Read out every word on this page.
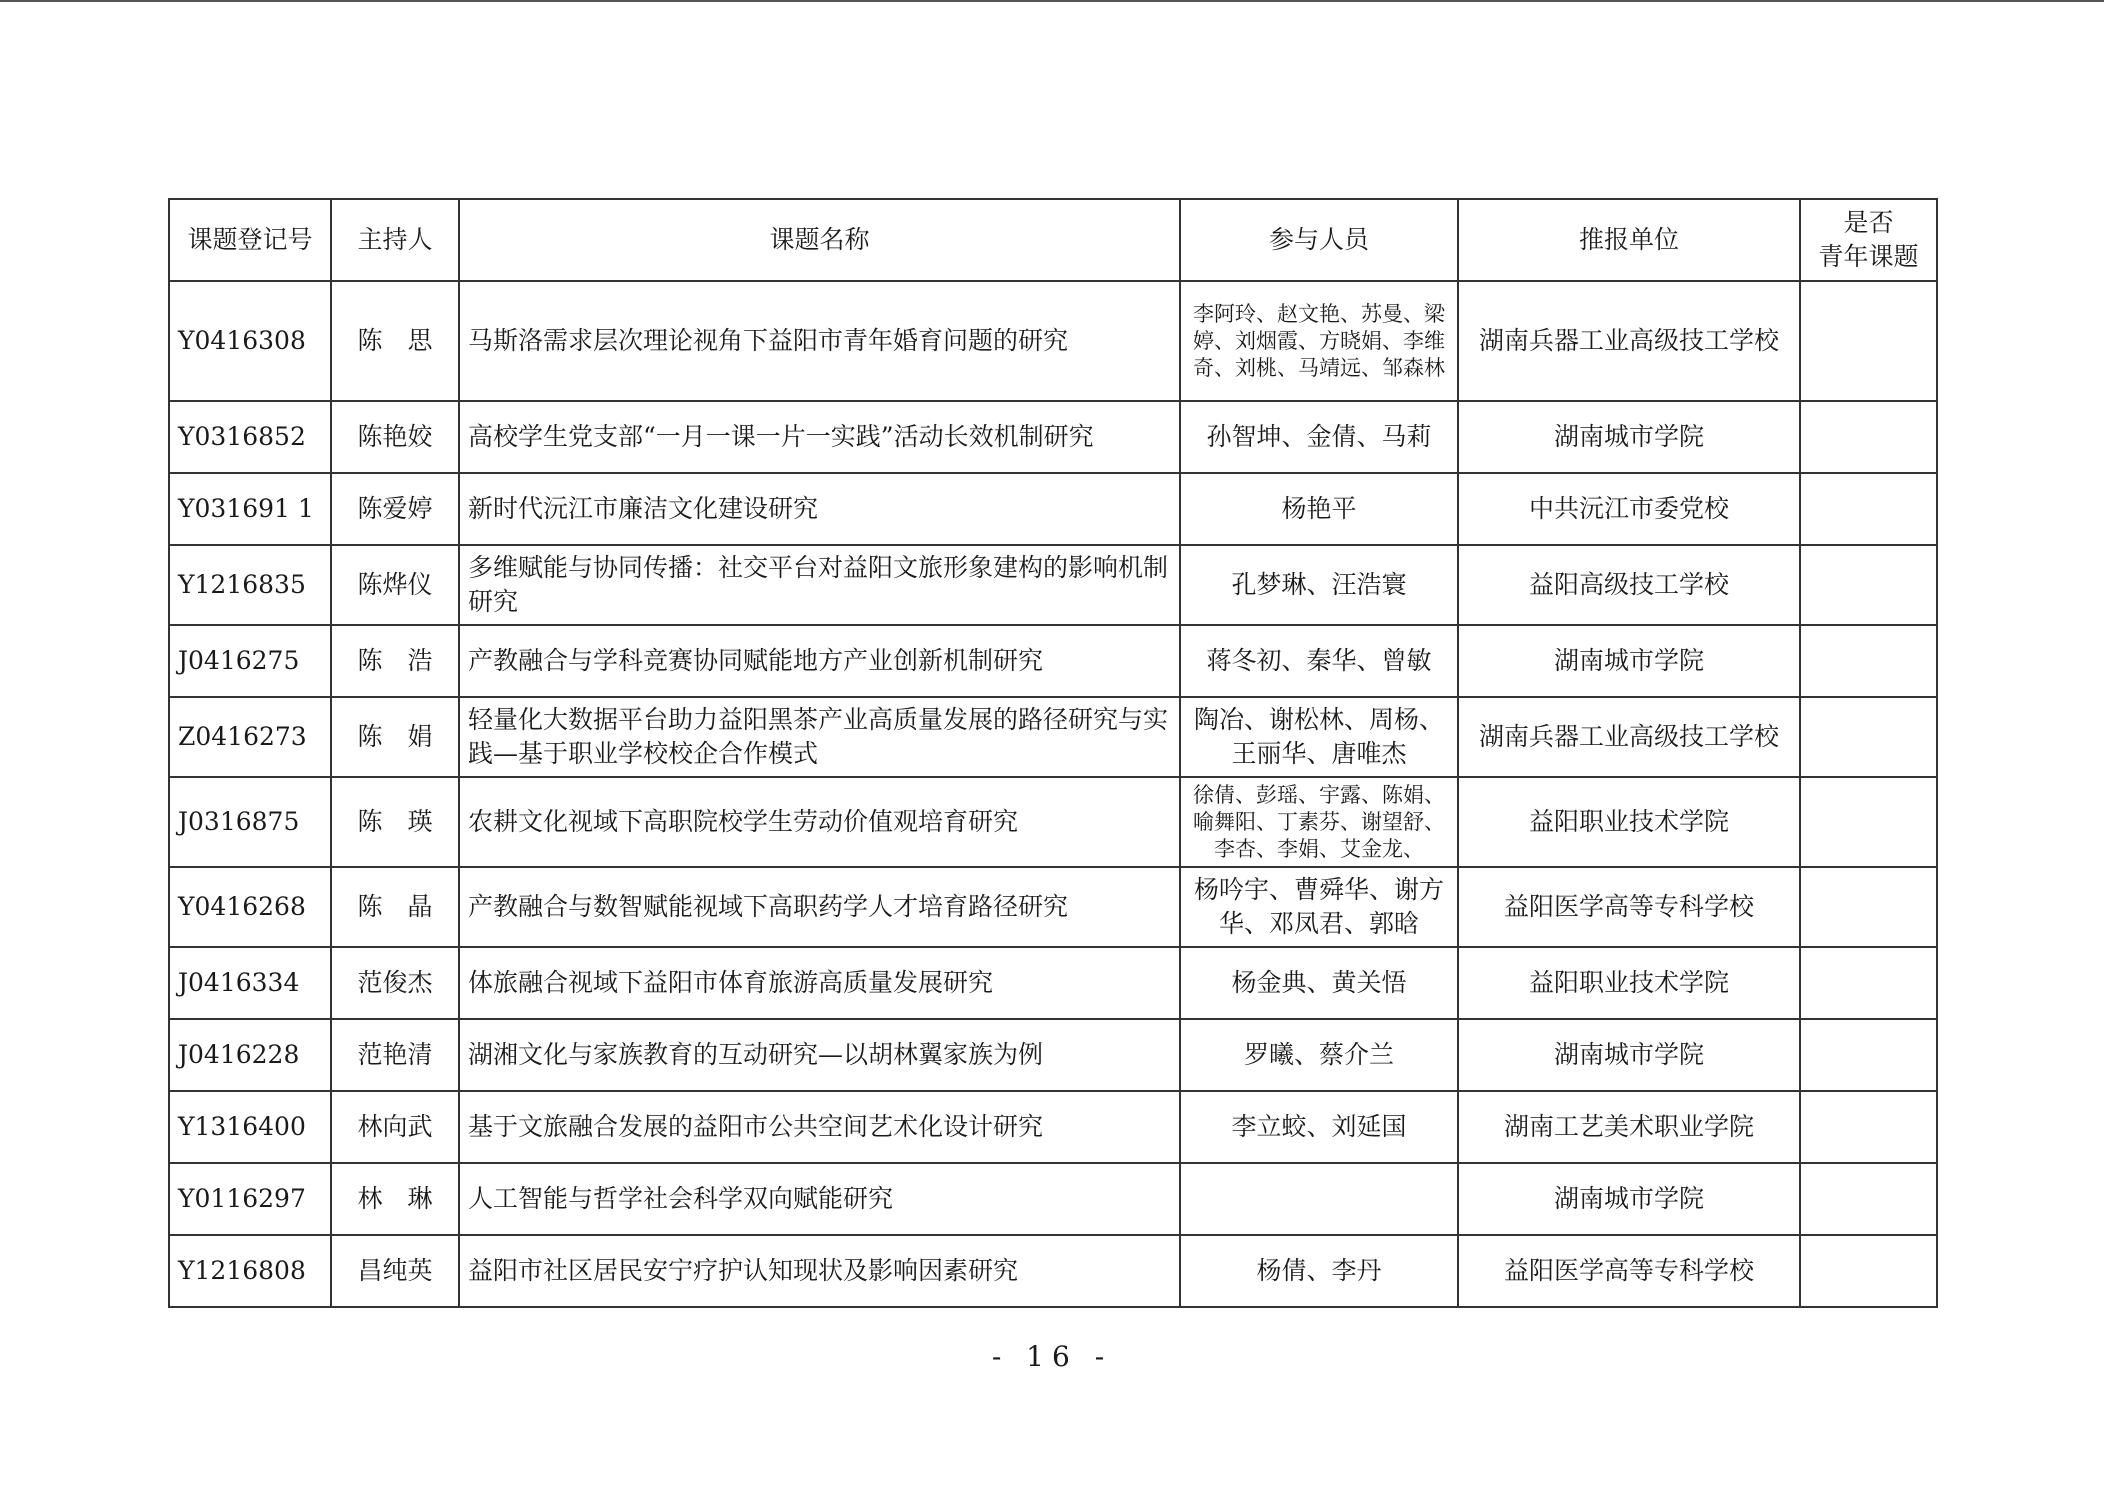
课题登记号	主持人	课题名称	参与人员	推报单位	是否
青年课题
Y0416308	陈　思	马斯洛需求层次理论视角下益阳市青年婚育问题的研究	李阿玲、赵文艳、苏曼、梁婷、刘烟霞、方晓娟、李维奇、刘桃、马靖远、邹森林	湖南兵器工业高级技工学校	
Y0316852	陈艳姣	高校学生党支部“一月一课一片一实践”活动长效机制研究	孙智坤、金倩、马莉	湖南城市学院	
Y031691 1	陈爱婷	新时代沅江市廉洁文化建设研究	杨艳平	中共沅江市委党校	
Y1216835	陈烨仪	多维赋能与协同传播：社交平台对益阳文旅形象建构的影响机制研究	孔梦琳、汪浩寰	益阳高级技工学校	
J0416275	陈　浩	产教融合与学科竞赛协同赋能地方产业创新机制研究	蒋冬初、秦华、曾敏	湖南城市学院	
Z0416273	陈　娟	轻量化大数据平台助力益阳黑茶产业高质量发展的路径研究与实践—基于职业学校校企合作模式	陶冶、谢松林、周杨、王丽华、唐唯杰	湖南兵器工业高级技工学校	
J0316875	陈　瑛	农耕文化视域下高职院校学生劳动价值观培育研究	徐倩、彭瑶、宇露、陈娟、喻舞阳、丁素芬、谢望舒、李杏、李娟、艾金龙、	益阳职业技术学院	
Y0416268	陈　晶	产教融合与数智赋能视域下高职药学人才培育路径研究	杨吟宇、曹舜华、谢方华、邓凤君、郭晗	益阳医学高等专科学校	
J0416334	范俊杰	体旅融合视域下益阳市体育旅游高质量发展研究	杨金典、黄关悟	益阳职业技术学院	
J0416228	范艳清	湖湘文化与家族教育的互动研究—以胡林翼家族为例	罗曦、蔡介兰	湖南城市学院	
Y1316400	林向武	基于文旅融合发展的益阳市公共空间艺术化设计研究	李立蛟、刘延国	湖南工艺美术职业学院	
Y0116297	林　琳	人工智能与哲学社会科学双向赋能研究		湖南城市学院	
Y1216808	昌纯英	益阳市社区居民安宁疗护认知现状及影响因素研究	杨倩、李丹	益阳医学高等专科学校	
- 16 -
